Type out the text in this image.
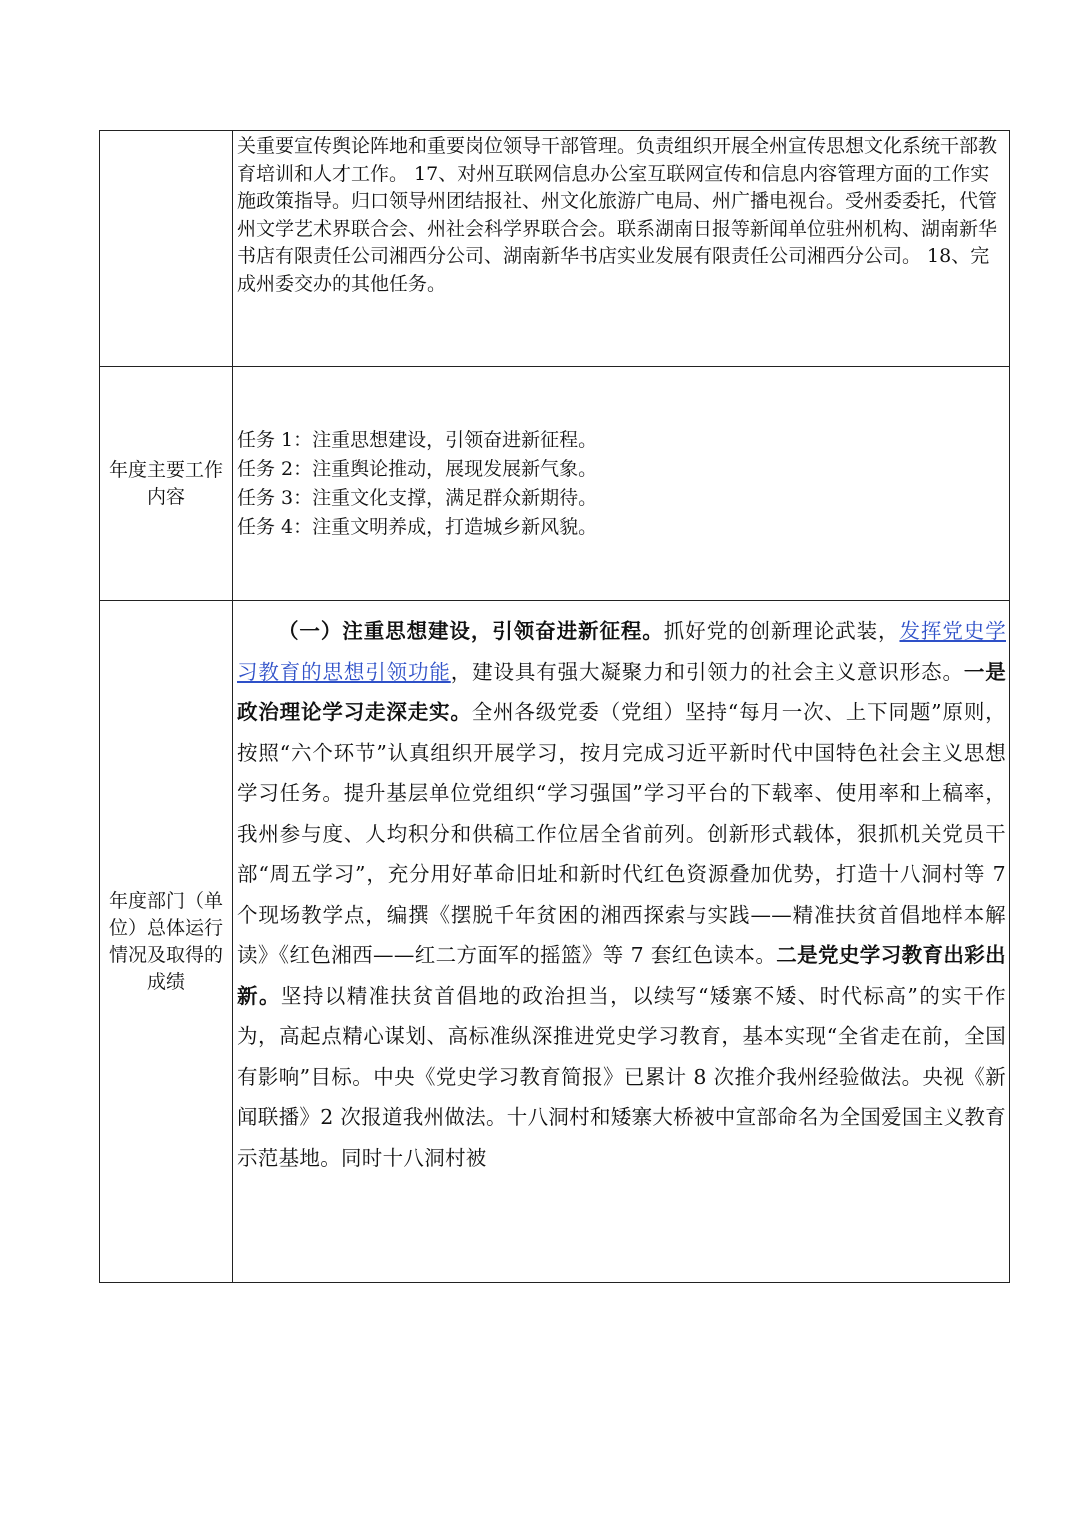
	关重要宣传舆论阵地和重要岗位领导干部管理。负责组织开展全州宣传思想文化系统干部教育培训和人才工作。 17、对州互联网信息办公室互联网宣传和信息内容管理方面的工作实施政策指导。归口领导州团结报社、州文化旅游广电局、州广播电视台。受州委委托，代管州文学艺术界联合会、州社会科学界联合会。联系湖南日报等新闻单位驻州机构、湖南新华书店有限责任公司湘西分公司、湖南新华书店实业发展有限责任公司湘西分公司。 18、完成州委交办的其他任务。
年度主要工作内容	任务 1：注重思想建设，引领奋进新征程。
任务 2：注重舆论推动，展现发展新气象。
任务 3：注重文化支撑，满足群众新期待。
任务 4：注重文明养成，打造城乡新风貌。

年度部门（单位）总体运行情况及取得的成绩	（一）注重思想建设，引领奋进新征程。抓好党的创新理论武装，发挥党史学习教育的思想引领功能，建设具有强大凝聚力和引领力的社会主义意识形态。一是政治理论学习走深走实。全州各级党委（党组）坚持“每月一次、上下同题”原则，按照“六个环节”认真组织开展学习，按月完成习近平新时代中国特色社会主义思想学习任务。提升基层单位党组织“学习强国”学习平台的下载率、使用率和上稿率，我州参与度、人均积分和供稿工作位居全省前列。创新形式载体，狠抓机关党员干部“周五学习”，充分用好革命旧址和新时代红色资源叠加优势，打造十八洞村等 7 个现场教学点，编撰《摆脱千年贫困的湘西探索与实践——精准扶贫首倡地样本解读》《红色湘西——红二方面军的摇篮》等 7 套红色读本。二是党史学习教育出彩出新。坚持以精准扶贫首倡地的政治担当，以续写“矮寨不矮、时代标高”的实干作为，高起点精心谋划、高标准纵深推进党史学习教育，基本实现“全省走在前，全国有影响”目标。中央《党史学习教育简报》已累计 8 次推介我州经验做法。央视《新闻联播》2 次报道我州做法。十八洞村和矮寨大桥被中宣部命名为全国爱国主义教育示范基地。同时十八洞村被
